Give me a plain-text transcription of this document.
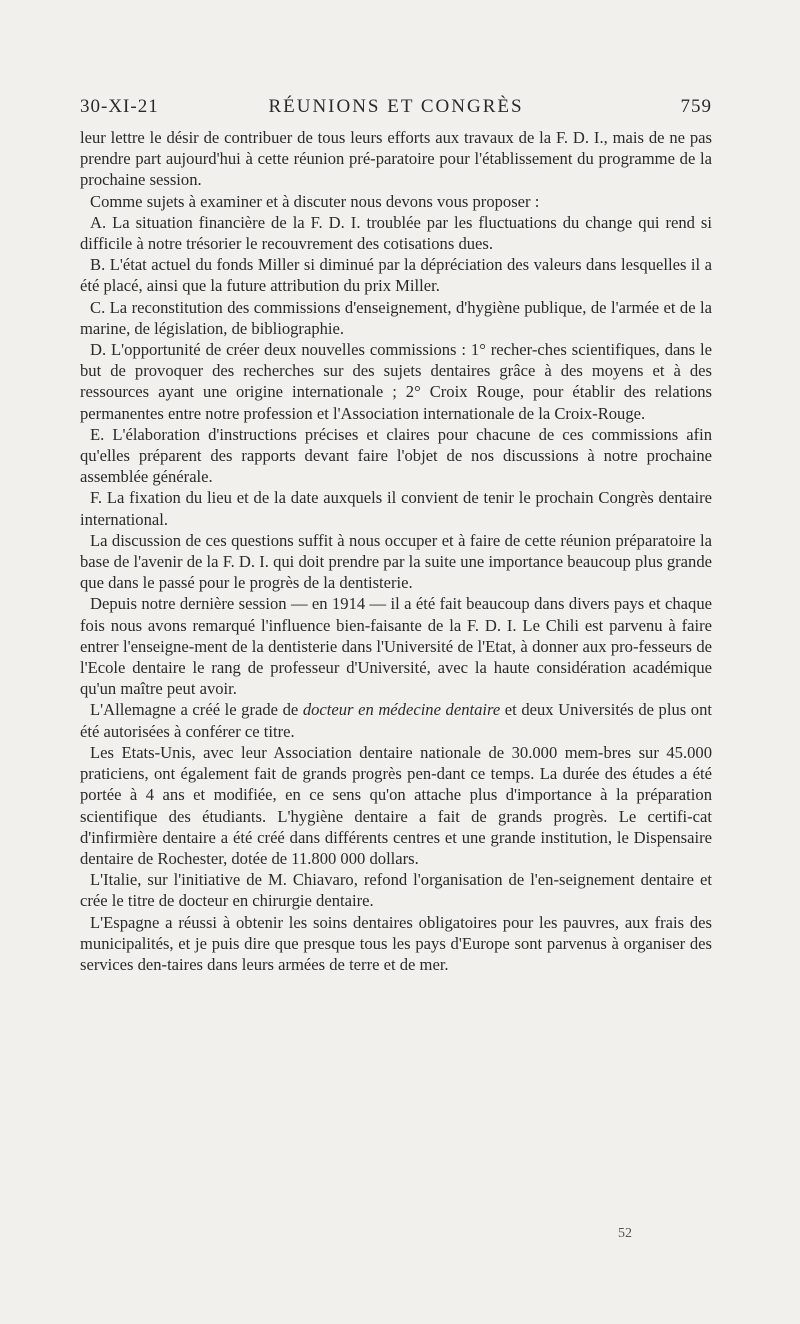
30-XI-21	RÉUNIONS ET CONGRÈS	759

leur lettre le désir de contribuer de tous leurs efforts aux travaux de la F. D. I., mais de ne pas prendre part aujourd'hui à cette réunion pré-paratoire pour l'établissement du programme de la prochaine session.

Comme sujets à examiner et à discuter nous devons vous proposer :

A. La situation financière de la F. D. I. troublée par les fluctuations du change qui rend si difficile à notre trésorier le recouvrement des cotisations dues.

B. L'état actuel du fonds Miller si diminué par la dépréciation des valeurs dans lesquelles il a été placé, ainsi que la future attribution du prix Miller.

C. La reconstitution des commissions d'enseignement, d'hygiène publique, de l'armée et de la marine, de législation, de bibliographie.

D. L'opportunité de créer deux nouvelles commissions : 1° recher-ches scientifiques, dans le but de provoquer des recherches sur des sujets dentaires grâce à des moyens et à des ressources ayant une origine internationale ; 2° Croix Rouge, pour établir des relations permanentes entre notre profession et l'Association internationale de la Croix-Rouge.

E. L'élaboration d'instructions précises et claires pour chacune de ces commissions afin qu'elles préparent des rapports devant faire l'objet de nos discussions à notre prochaine assemblée générale.

F. La fixation du lieu et de la date auxquels il convient de tenir le prochain Congrès dentaire international.

La discussion de ces questions suffit à nous occuper et à faire de cette réunion préparatoire la base de l'avenir de la F. D. I. qui doit prendre par la suite une importance beaucoup plus grande que dans le passé pour le progrès de la dentisterie.

Depuis notre dernière session — en 1914 — il a été fait beaucoup dans divers pays et chaque fois nous avons remarqué l'influence bien-faisante de la F. D. I. Le Chili est parvenu à faire entrer l'enseigne-ment de la dentisterie dans l'Université de l'Etat, à donner aux pro-fesseurs de l'Ecole dentaire le rang de professeur d'Université, avec la haute considération académique qu'un maître peut avoir.

L'Allemagne a créé le grade de docteur en médecine dentaire et deux Universités de plus ont été autorisées à conférer ce titre.

Les Etats-Unis, avec leur Association dentaire nationale de 30.000 mem-bres sur 45.000 praticiens, ont également fait de grands progrès pen-dant ce temps. La durée des études a été portée à 4 ans et modifiée, en ce sens qu'on attache plus d'importance à la préparation scientifique des étudiants. L'hygiène dentaire a fait de grands progrès. Le certifi-cat d'infirmière dentaire a été créé dans différents centres et une grande institution, le Dispensaire dentaire de Rochester, dotée de 11.800 000 dollars.

L'Italie, sur l'initiative de M. Chiavaro, refond l'organisation de l'en-seignement dentaire et crée le titre de docteur en chirurgie dentaire.

L'Espagne a réussi à obtenir les soins dentaires obligatoires pour les pauvres, aux frais des municipalités, et je puis dire que presque tous les pays d'Europe sont parvenus à organiser des services den-taires dans leurs armées de terre et de mer.

52
